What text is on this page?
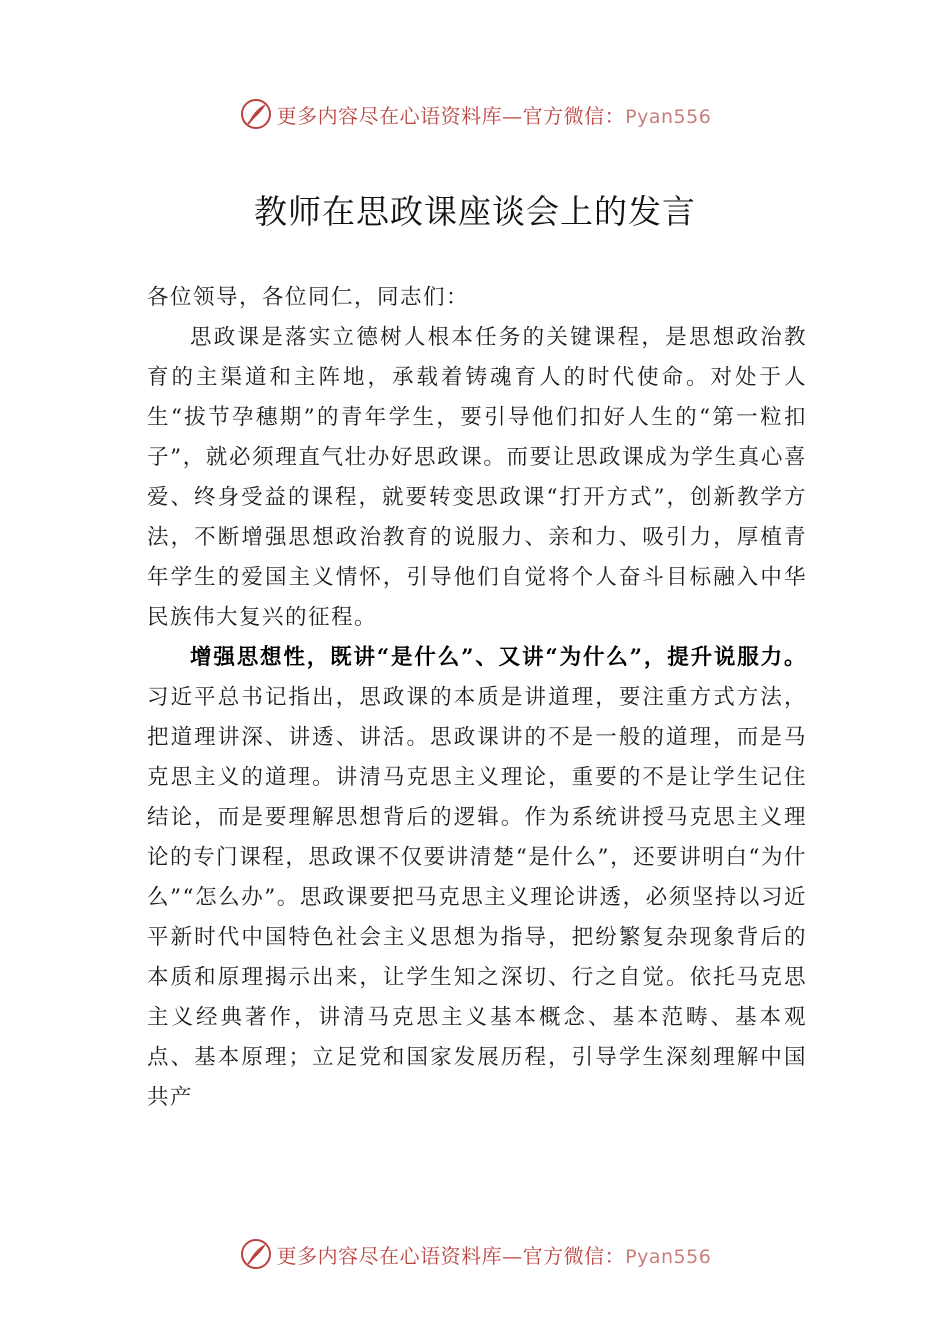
更多内容尽在心语资料库—官方微信：Pyan556
教师在思政课座谈会上的发言

各位领导，各位同仁，同志们：

思政课是落实立德树人根本任务的关键课程，是思想政治教育的主渠道和主阵地，承载着铸魂育人的时代使命。对处于人生“拔节孕穗期”的青年学生，要引导他们扣好人生的“第一粒扣子”，就必须理直气壮办好思政课。而要让思政课成为学生真心喜爱、终身受益的课程，就要转变思政课“打开方式”，创新教学方法，不断增强思想政治教育的说服力、亲和力、吸引力，厚植青年学生的爱国主义情怀，引导他们自觉将个人奋斗目标融入中华民族伟大复兴的征程。

增强思想性，既讲“是什么”、又讲“为什么”，提升说服力。习近平总书记指出，思政课的本质是讲道理，要注重方式方法，把道理讲深、讲透、讲活。思政课讲的不是一般的道理，而是马克思主义的道理。讲清马克思主义理论，重要的不是让学生记住结论，而是要理解思想背后的逻辑。作为系统讲授马克思主义理论的专门课程，思政课不仅要讲清楚“是什么”，还要讲明白“为什么”“怎么办”。思政课要把马克思主义理论讲透，必须坚持以习近平新时代中国特色社会主义思想为指导，把纷繁复杂现象背后的本质和原理揭示出来，让学生知之深切、行之自觉。依托马克思主义经典著作，讲清马克思主义基本概念、基本范畴、基本观点、基本原理；立足党和国家发展历程，引导学生深刻理解中国共产

更多内容尽在心语资料库—官方微信：Pyan556
